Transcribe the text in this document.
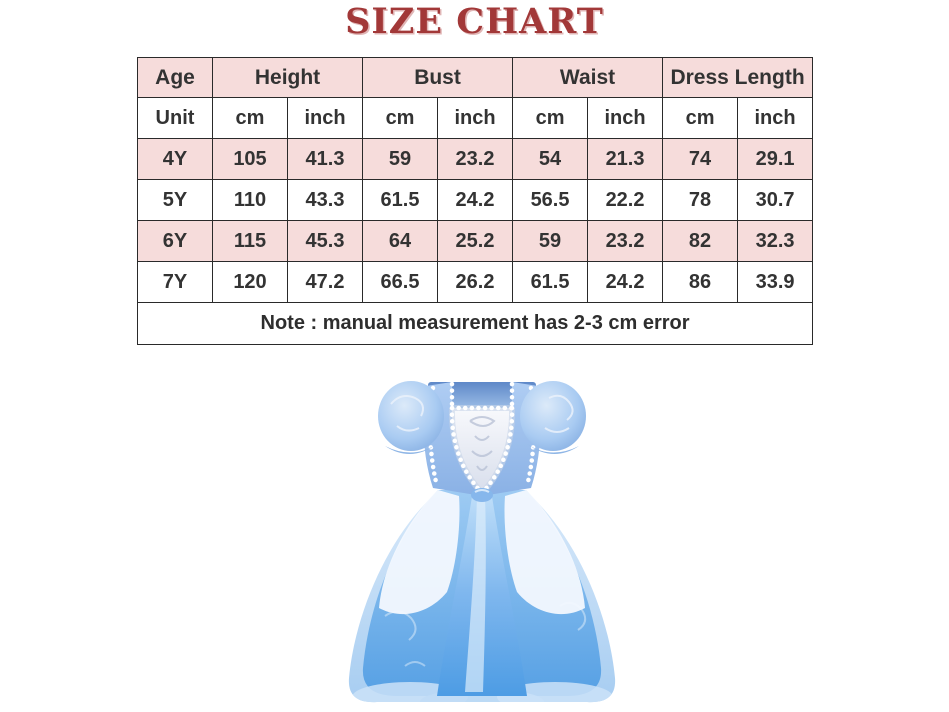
SIZE CHART
Age	Height		Bust		Waist		Dress Length	
Unit	cm	inch	cm	inch	cm	inch	cm	inch
4Y	105	41.3	59	23.2	54	21.3	74	29.1
5Y	110	43.3	61.5	24.2	56.5	22.2	78	30.7
6Y	115	45.3	64	25.2	59	23.2	82	32.3
7Y	120	47.2	66.5	26.2	61.5	24.2	86	33.9
Note : manual measurement has 2-3 cm error								
